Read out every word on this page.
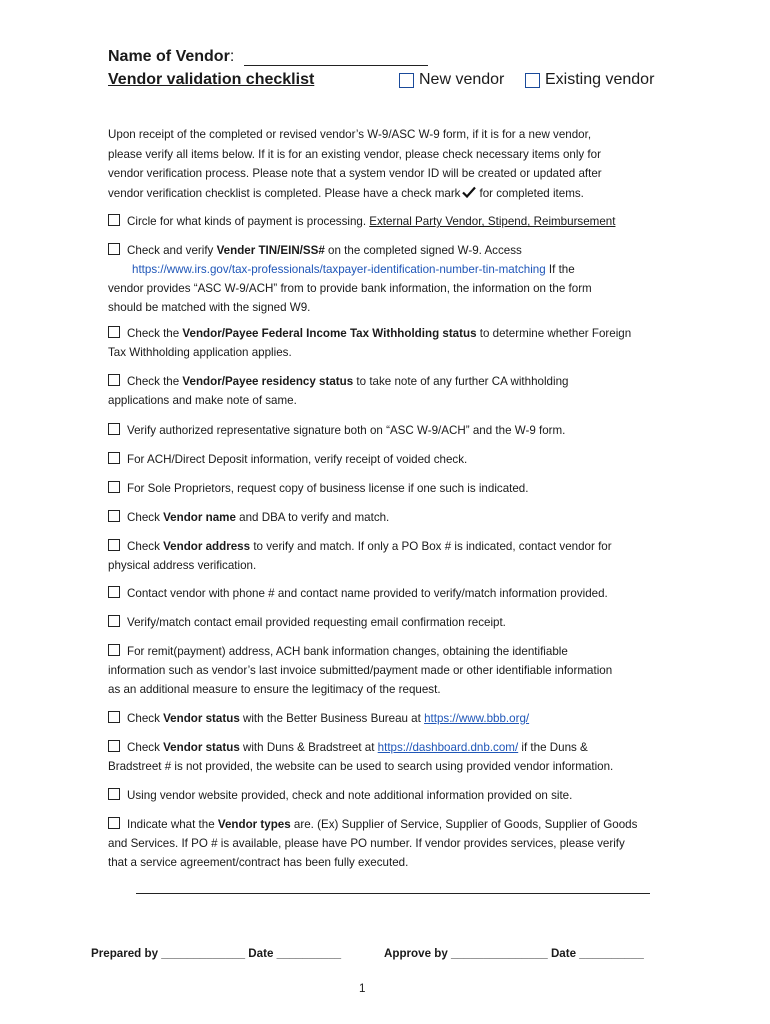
Name of Vendor:
Vendor validation checklist	New vendor	Existing vendor
Upon receipt of the completed or revised vendor’s W-9/ASC W-9 form, if it is for a new vendor,
please verify all items below. If it is for an existing vendor, please check necessary items only for
vendor verification process. Please note that a system vendor ID will be created or updated after
vendor verification checklist is completed. Please have a check mark for completed items.
Circle for what kinds of payment is processing. External Party Vendor, Stipend, Reimbursement
Check and verify Vender TIN/EIN/SS# on the completed signed W-9. Access
https://www.irs.gov/tax-professionals/taxpayer-identification-number-tin-matching If the
vendor provides “ASC W-9/ACH” from to provide bank information, the information on the form
should be matched with the signed W9.
Check the Vendor/Payee Federal Income Tax Withholding status to determine whether Foreign
Tax Withholding application applies.
Check the Vendor/Payee residency status to take note of any further CA withholding
applications and make note of same.
Verify authorized representative signature both on “ASC W-9/ACH” and the W-9 form.
For ACH/Direct Deposit information, verify receipt of voided check.
For Sole Proprietors, request copy of business license if one such is indicated.
Check Vendor name and DBA to verify and match.
Check Vendor address to verify and match. If only a PO Box # is indicated, contact vendor for
physical address verification.
Contact vendor with phone # and contact name provided to verify/match information provided.
Verify/match contact email provided requesting email confirmation receipt.
For remit(payment) address, ACH bank information changes, obtaining the identifiable
information such as vendor’s last invoice submitted/payment made or other identifiable information
as an additional measure to ensure the legitimacy of the request.
Check Vendor status with the Better Business Bureau at https://www.bbb.org/
Check Vendor status with Duns & Bradstreet at https://dashboard.dnb.com/ if the Duns &
Bradstreet # is not provided, the website can be used to search using provided vendor information.
Using vendor website provided, check and note additional information provided on site.
Indicate what the Vendor types are. (Ex) Supplier of Service, Supplier of Goods, Supplier of Goods
and Services. If PO # is available, please have PO number. If vendor provides services, please verify
that a service agreement/contract has been fully executed.
Prepared by _____________ Date __________	Approve by _______________ Date __________
1
